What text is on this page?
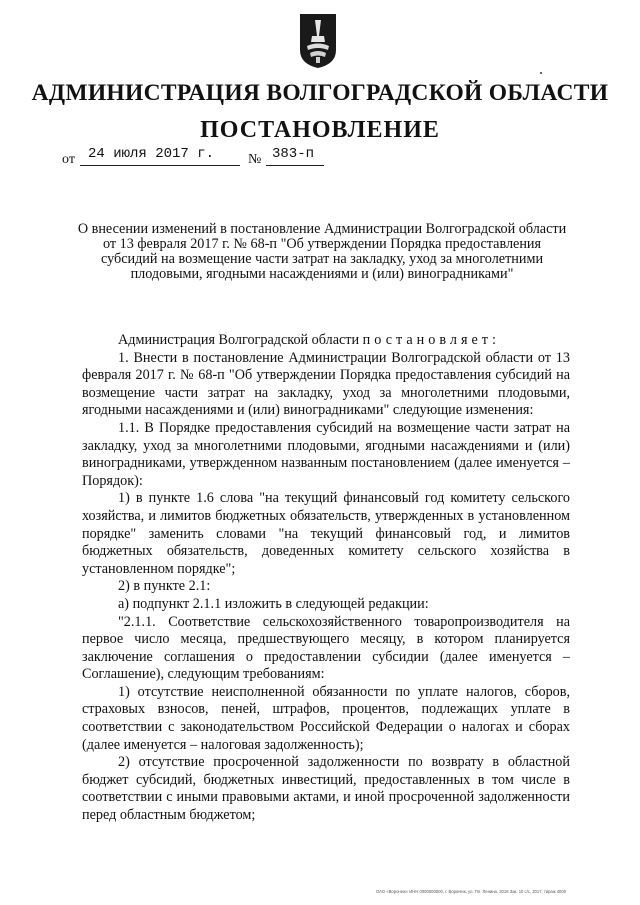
АДМИНИСТРАЦИЯ ВОЛГОГРАДСКОЙ ОБЛАСТИ
ПОСТАНОВЛЕНИЕ
от 24 июля 2017 г. № 383-п
О внесении изменений в постановление Администрации Волгоградской области от 13 февраля 2017 г. № 68-п "Об утверждении Порядка предоставления субсидий на возмещение части затрат на закладку, уход за многолетними плодовыми, ягодными насаждениями и (или) виноградниками"

Администрация Волгоградской области постановляет:

1. Внести в постановление Администрации Волгоградской области от 13 февраля 2017 г. № 68-п "Об утверждении Порядка предоставления субсидий на возмещение части затрат на закладку, уход за многолетними плодовыми, ягодными насаждениями и (или) виноградниками" следующие изменения:

1.1. В Порядке предоставления субсидий на возмещение части затрат на закладку, уход за многолетними плодовыми, ягодными насаждениями и (или) виноградниками, утвержденном названным постановлением (далее именуется – Порядок):

1) в пункте 1.6 слова "на текущий финансовый год комитету сельского хозяйства, и лимитов бюджетных обязательств, утвержденных в установленном порядке" заменить словами "на текущий финансовый год, и лимитов бюджетных обязательств, доведенных комитету сельского хозяйства в установленном порядке";

2) в пункте 2.1:

а) подпункт 2.1.1 изложить в следующей редакции:

"2.1.1. Соответствие сельскохозяйственного товаропроизводителя на первое число месяца, предшествующего месяцу, в котором планируется заключение соглашения о предоставлении субсидии (далее именуется – Соглашение), следующим требованиям:

1) отсутствие неисполненной обязанности по уплате налогов, сборов, страховых взносов, пеней, штрафов, процентов, подлежащих уплате в соответствии с законодательством Российской Федерации о налогах и сборах (далее именуется – налоговая задолженность);

2) отсутствие просроченной задолженности по возврату в областной бюджет субсидий, бюджетных инвестиций, предоставленных в том числе в соответствии с иными правовыми актами, и иной просроченной задолженности перед областным бюджетом;

ОАО «Воронеж» ИНН 0000000000, г. Воронеж, ул. Пл. Ленина, 2018 Зак. 10 с/с, 2017, тираж 4000
